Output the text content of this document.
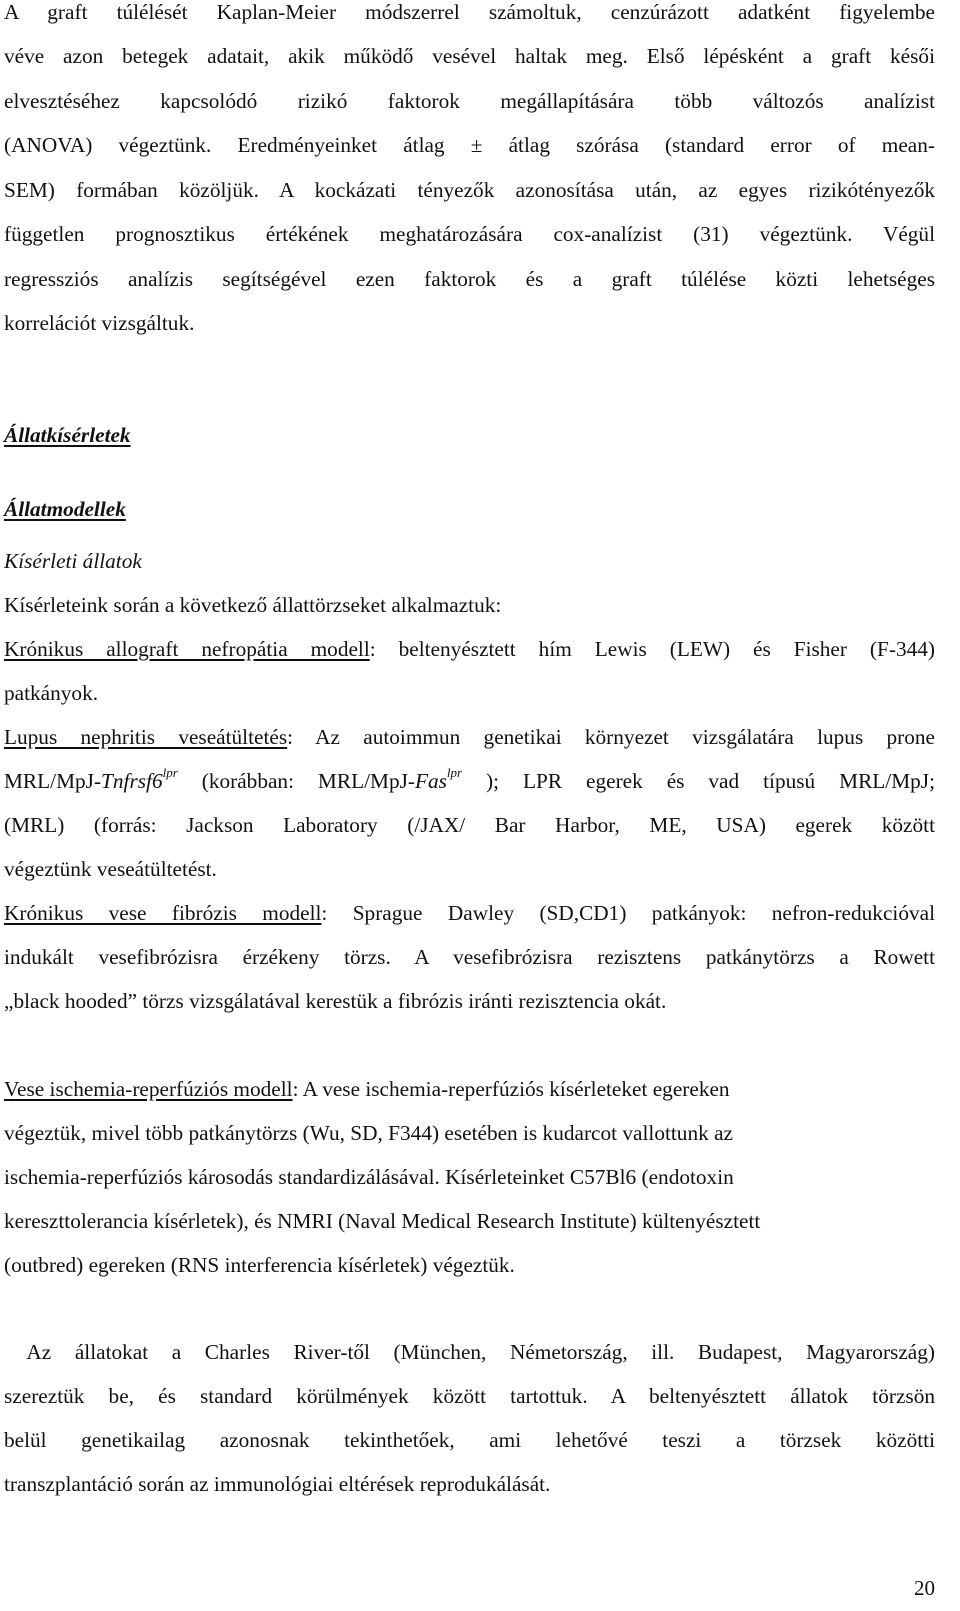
A graft túlélését Kaplan-Meier módszerrel számoltuk, cenzúrázott adatként figyelembe

véve azon betegek adatait, akik működő vesével haltak meg. Első lépésként a graft késői

elvesztéséhez kapcsolódó rizikó faktorok megállapítására több változós analízist

(ANOVA) végeztünk. Eredményeinket átlag ± átlag szórása (standard error of mean-

SEM) formában közöljük. A kockázati tényezők azonosítása után, az egyes rizikótényezők

független prognosztikus értékének meghatározására cox-analízist (31) végeztünk. Végül

regressziós analízis segítségével ezen faktorok és a graft túlélése közti lehetséges

korrelációt vizsgáltuk.

Állatkísérletek

Állatmodellek

Kísérleti állatok

Kísérleteink során a következő állattörzseket alkalmaztuk:

Krónikus allograft nefropátia modell: beltenyésztett hím Lewis (LEW) és Fisher (F-344)

patkányok.

Lupus nephritis veseátültetés: Az autoimmun genetikai környezet vizsgálatára lupus prone

MRL/$MpJ-Tnfrsf6^{lpr}$ (korábban: MRL/MpJ-Fas$^{lpr}$ ); LPR egerek és vad típusú MRL/MpJ;

(MRL) (forrás: Jackson Laboratory (/JAX/ Bar Harbor, ME, USA) egerek között

végeztünk veseátültetést.

Krónikus vese fibrózis modell: Sprague Dawley (SD,CD1) patkányok: nefron-redukcióval

indukált vesefibrózisra érzékeny törzs. A vesefibrózisra rezisztens patkánytörzs a Rowett

„black hooded” törzs vizsgálatával kerestük a fibrózis iránti rezisztencia okát.

Vese ischemia-reperfúziós modell: A vese ischemia-reperfúziós kísérleteket egereken

végeztük, mivel több patkánytörzs (Wu, SD, F344) esetében is kudarcot vallottunk az

ischemia-reperfúziós károsodás standardizálásával. Kísérleteinket C57Bl6 (endotoxin

kereszttolerancia kísérletek), és NMRI (Naval Medical Research Institute) kültenyésztett

(outbred) egereken (RNS interferencia kísérletek) végeztük.

Az állatokat a Charles River-től (München, Németország, ill. Budapest, Magyarország)

szereztük be, és standard körülmények között tartottuk. A beltenyésztett állatok törzsön

belül genetikailag azonosnak tekinthetőek, ami lehetővé teszi a törzsek közötti

transzplantáció során az immunológiai eltérések reprodukálását.

20
